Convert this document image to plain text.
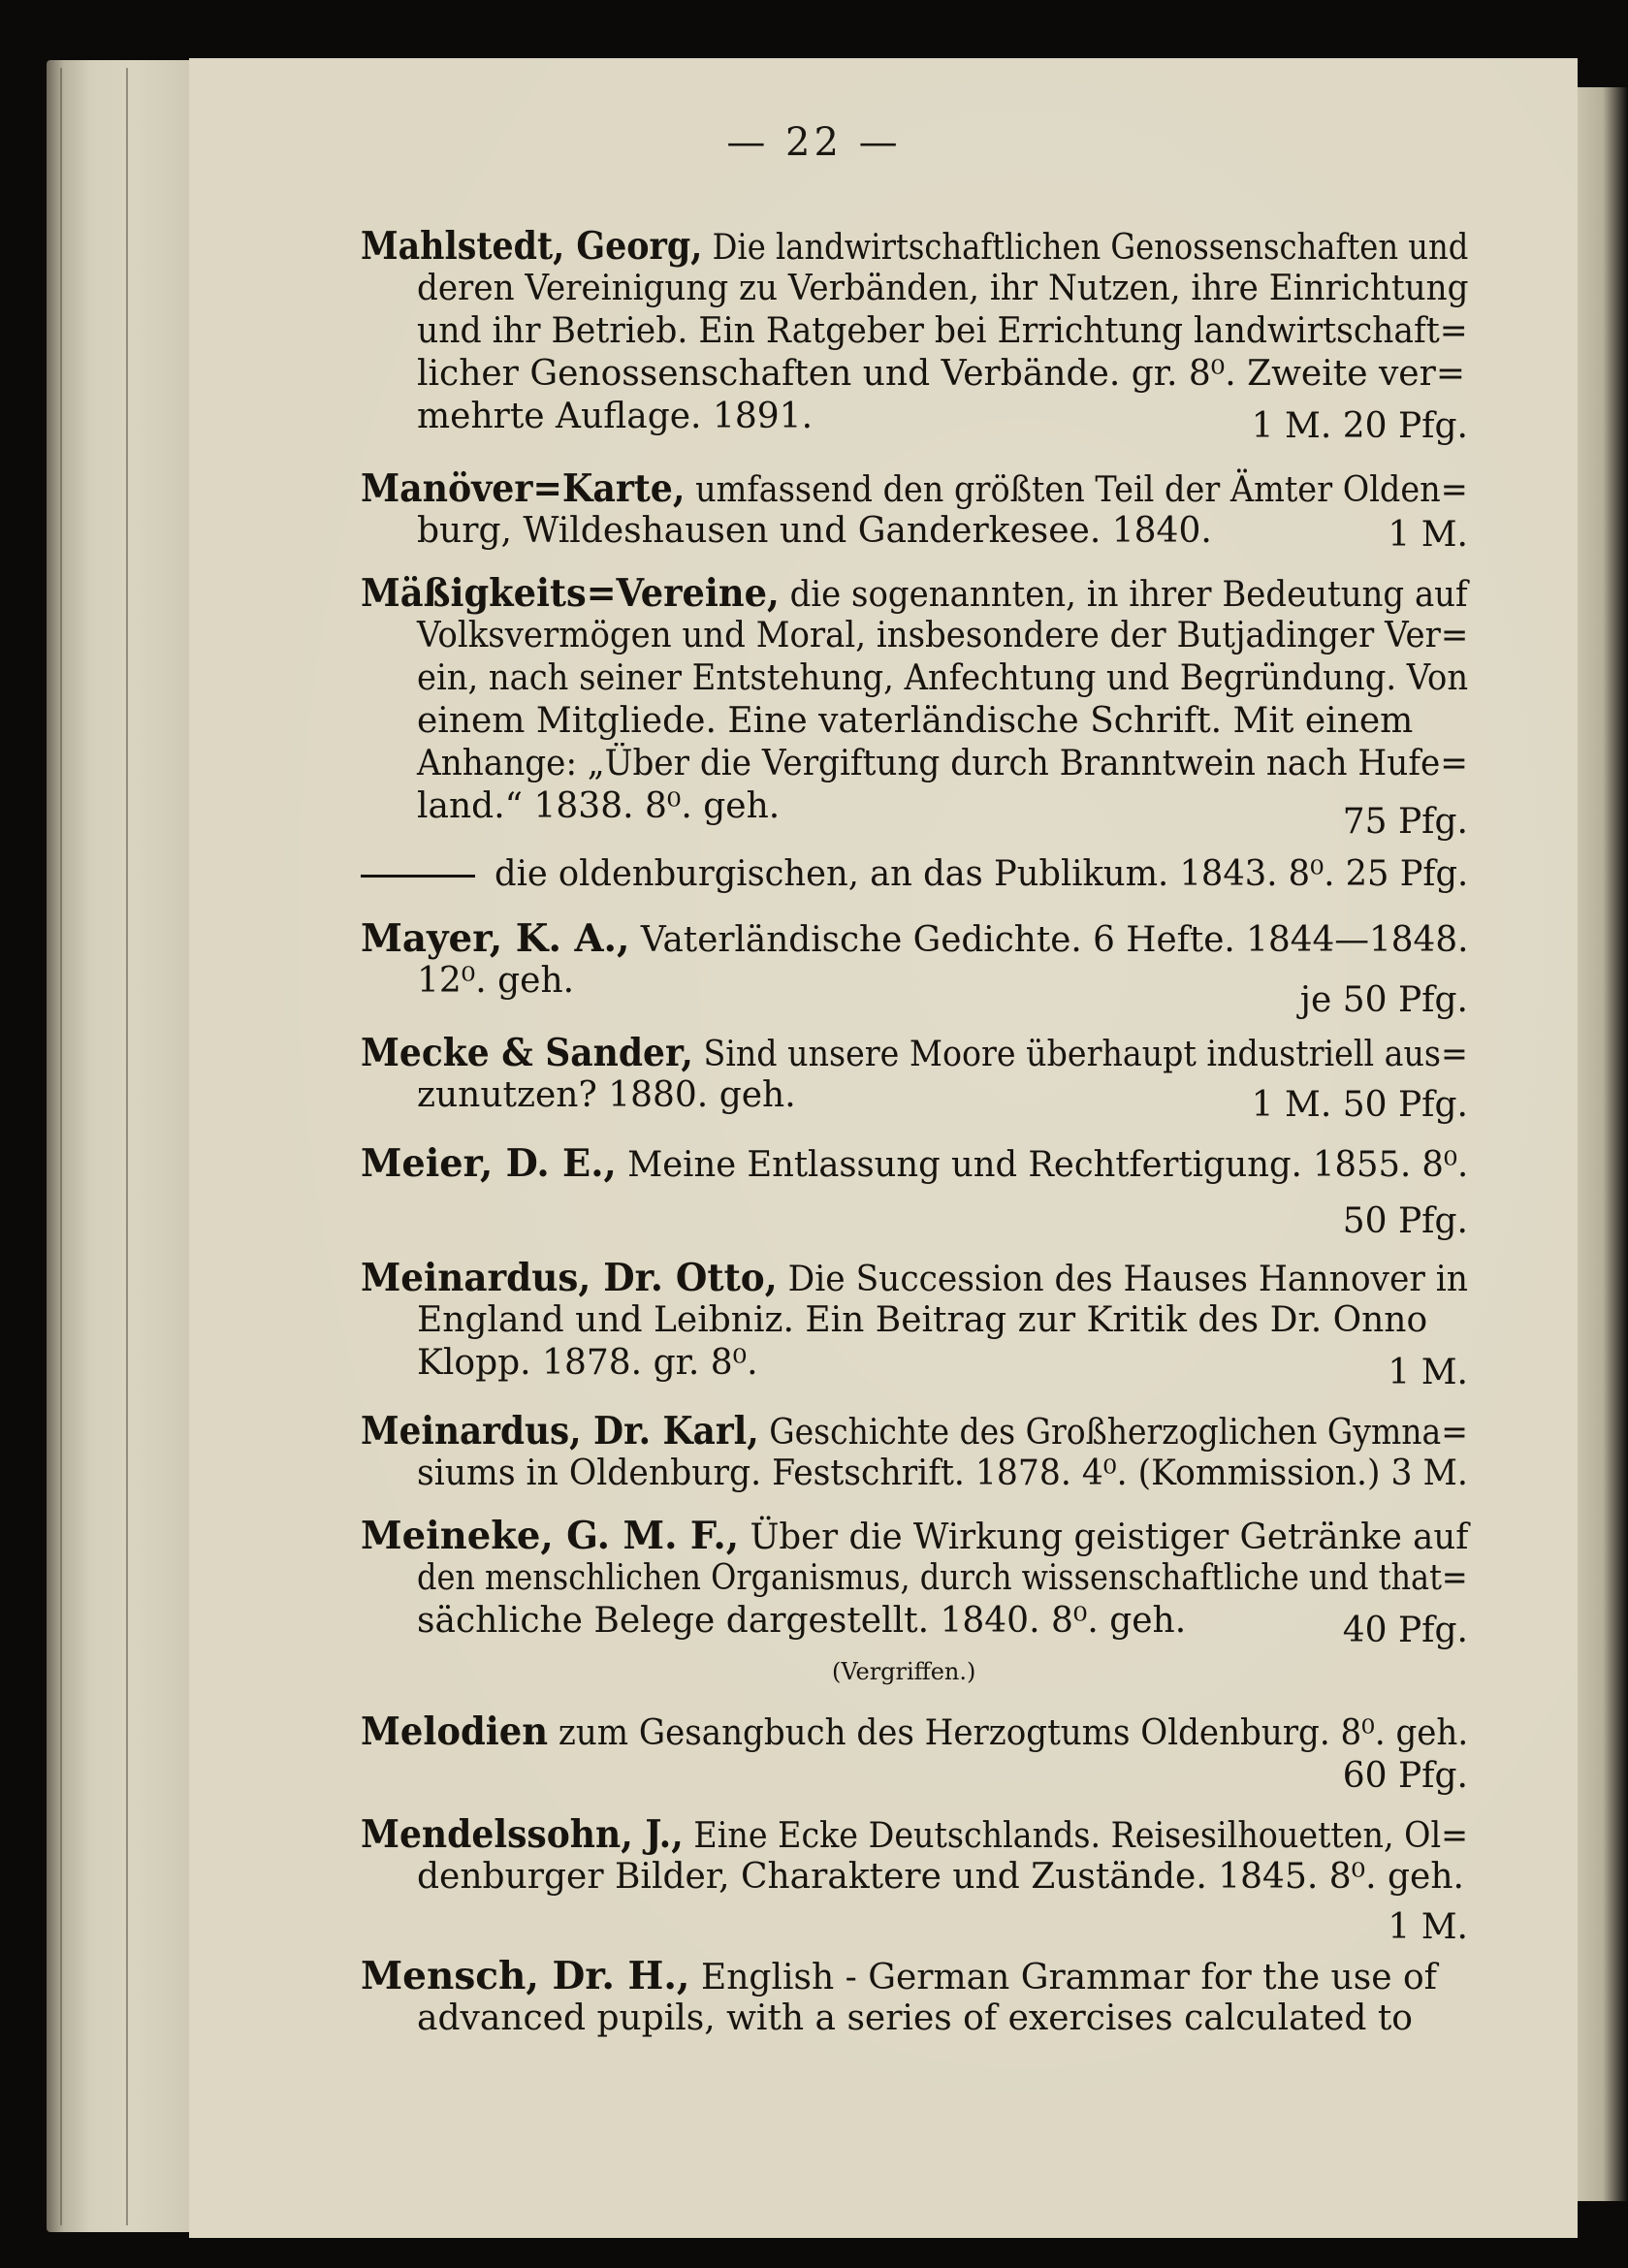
— 22 —
Mahlstedt, Georg, Die landwirtschaftlichen Genossenschaften und
deren Vereinigung zu Verbänden, ihr Nutzen, ihre Einrichtung
und ihr Betrieb. Ein Ratgeber bei Errichtung landwirtschaft=
licher Genossenschaften und Verbände. gr. 8⁰. Zweite ver=
mehrte Auflage. 1891.	1 M. 20 Pfg.
Manöver=Karte, umfassend den größten Teil der Ämter Olden=
burg, Wildeshausen und Ganderkesee. 1840.	1 M.
Mäßigkeits=Vereine, die sogenannten, in ihrer Bedeutung auf
Volksvermögen und Moral, insbesondere der Butjadinger Ver=
ein, nach seiner Entstehung, Anfechtung und Begründung. Von
einem Mitgliede. Eine vaterländische Schrift. Mit einem
Anhange: „Über die Vergiftung durch Branntwein nach Hufe=
land.“ 1838. 8⁰. geh.	75 Pfg.
die oldenburgischen, an das Publikum. 1843. 8⁰. 25 Pfg.
Mayer, K. A., Vaterländische Gedichte. 6 Hefte. 1844—1848.
12⁰. geh.	je 50 Pfg.
Mecke & Sander, Sind unsere Moore überhaupt industriell aus=
zunutzen? 1880. geh.	1 M. 50 Pfg.
Meier, D. E., Meine Entlassung und Rechtfertigung. 1855. 8⁰.
50 Pfg.
Meinardus, Dr. Otto, Die Succession des Hauses Hannover in
England und Leibniz. Ein Beitrag zur Kritik des Dr. Onno
Klopp. 1878. gr. 8⁰.	1 M.
Meinardus, Dr. Karl, Geschichte des Großherzoglichen Gymna=
siums in Oldenburg. Festschrift. 1878. 4⁰. (Kommission.) 3 M.
Meineke, G. M. F., Über die Wirkung geistiger Getränke auf
den menschlichen Organismus, durch wissenschaftliche und that=
sächliche Belege dargestellt. 1840. 8⁰. geh.	40 Pfg.
(Vergriffen.)
Melodien zum Gesangbuch des Herzogtums Oldenburg. 8⁰. geh.
60 Pfg.
Mendelssohn, J., Eine Ecke Deutschlands. Reisesilhouetten, Ol=
denburger Bilder, Charaktere und Zustände. 1845. 8⁰. geh.
1 M.
Mensch, Dr. H., English - German Grammar for the use of
advanced pupils, with a series of exercises calculated to
